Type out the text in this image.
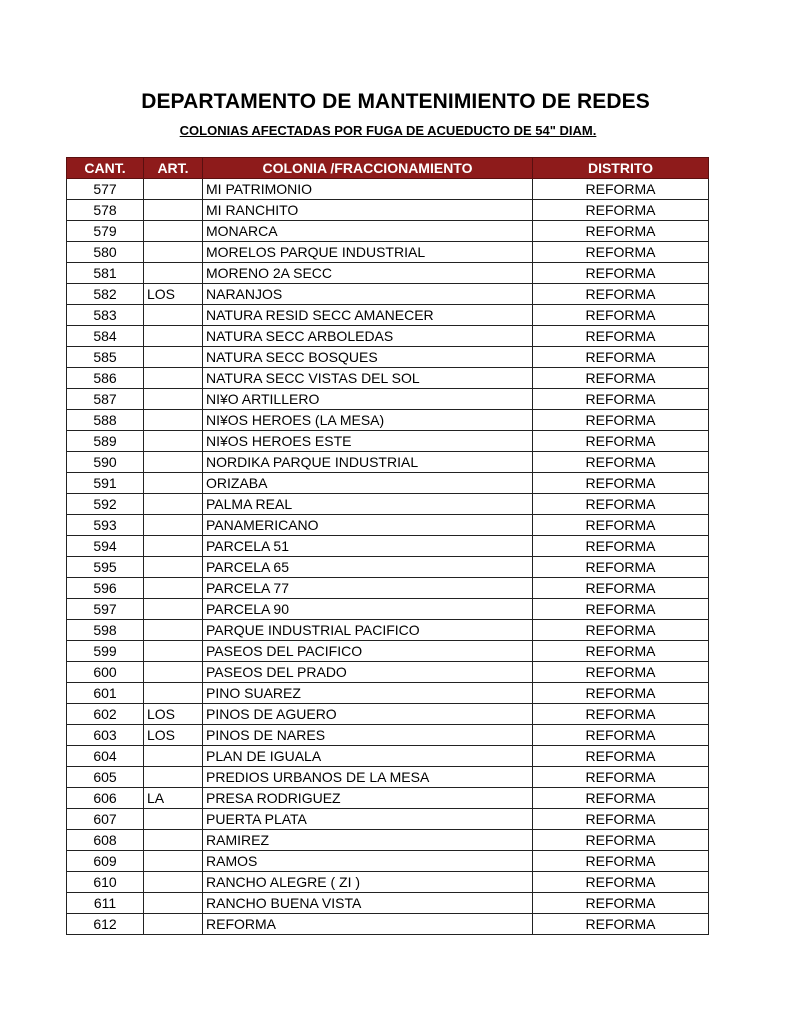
DEPARTAMENTO DE MANTENIMIENTO DE REDES
COLONIAS AFECTADAS POR FUGA DE ACUEDUCTO DE 54" DIAM.
CANT.	ART.	COLONIA /FRACCIONAMIENTO	DISTRITO
577		MI PATRIMONIO	REFORMA
578		MI RANCHITO	REFORMA
579		MONARCA	REFORMA
580		MORELOS PARQUE INDUSTRIAL	REFORMA
581		MORENO 2A SECC	REFORMA
582	LOS	NARANJOS	REFORMA
583		NATURA RESID SECC AMANECER	REFORMA
584		NATURA SECC ARBOLEDAS	REFORMA
585		NATURA SECC BOSQUES	REFORMA
586		NATURA SECC VISTAS DEL SOL	REFORMA
587		NI¥O ARTILLERO	REFORMA
588		NI¥OS HEROES (LA MESA)	REFORMA
589		NI¥OS HEROES ESTE	REFORMA
590		NORDIKA PARQUE INDUSTRIAL	REFORMA
591		ORIZABA	REFORMA
592		PALMA REAL	REFORMA
593		PANAMERICANO	REFORMA
594		PARCELA 51	REFORMA
595		PARCELA 65	REFORMA
596		PARCELA 77	REFORMA
597		PARCELA 90	REFORMA
598		PARQUE INDUSTRIAL PACIFICO	REFORMA
599		PASEOS DEL PACIFICO	REFORMA
600		PASEOS DEL PRADO	REFORMA
601		PINO SUAREZ	REFORMA
602	LOS	PINOS DE AGUERO	REFORMA
603	LOS	PINOS DE NARES	REFORMA
604		PLAN DE IGUALA	REFORMA
605		PREDIOS URBANOS DE LA MESA	REFORMA
606	LA	PRESA RODRIGUEZ	REFORMA
607		PUERTA PLATA	REFORMA
608		RAMIREZ	REFORMA
609		RAMOS	REFORMA
610		RANCHO ALEGRE ( ZI )	REFORMA
611		RANCHO BUENA VISTA	REFORMA
612		REFORMA	REFORMA
